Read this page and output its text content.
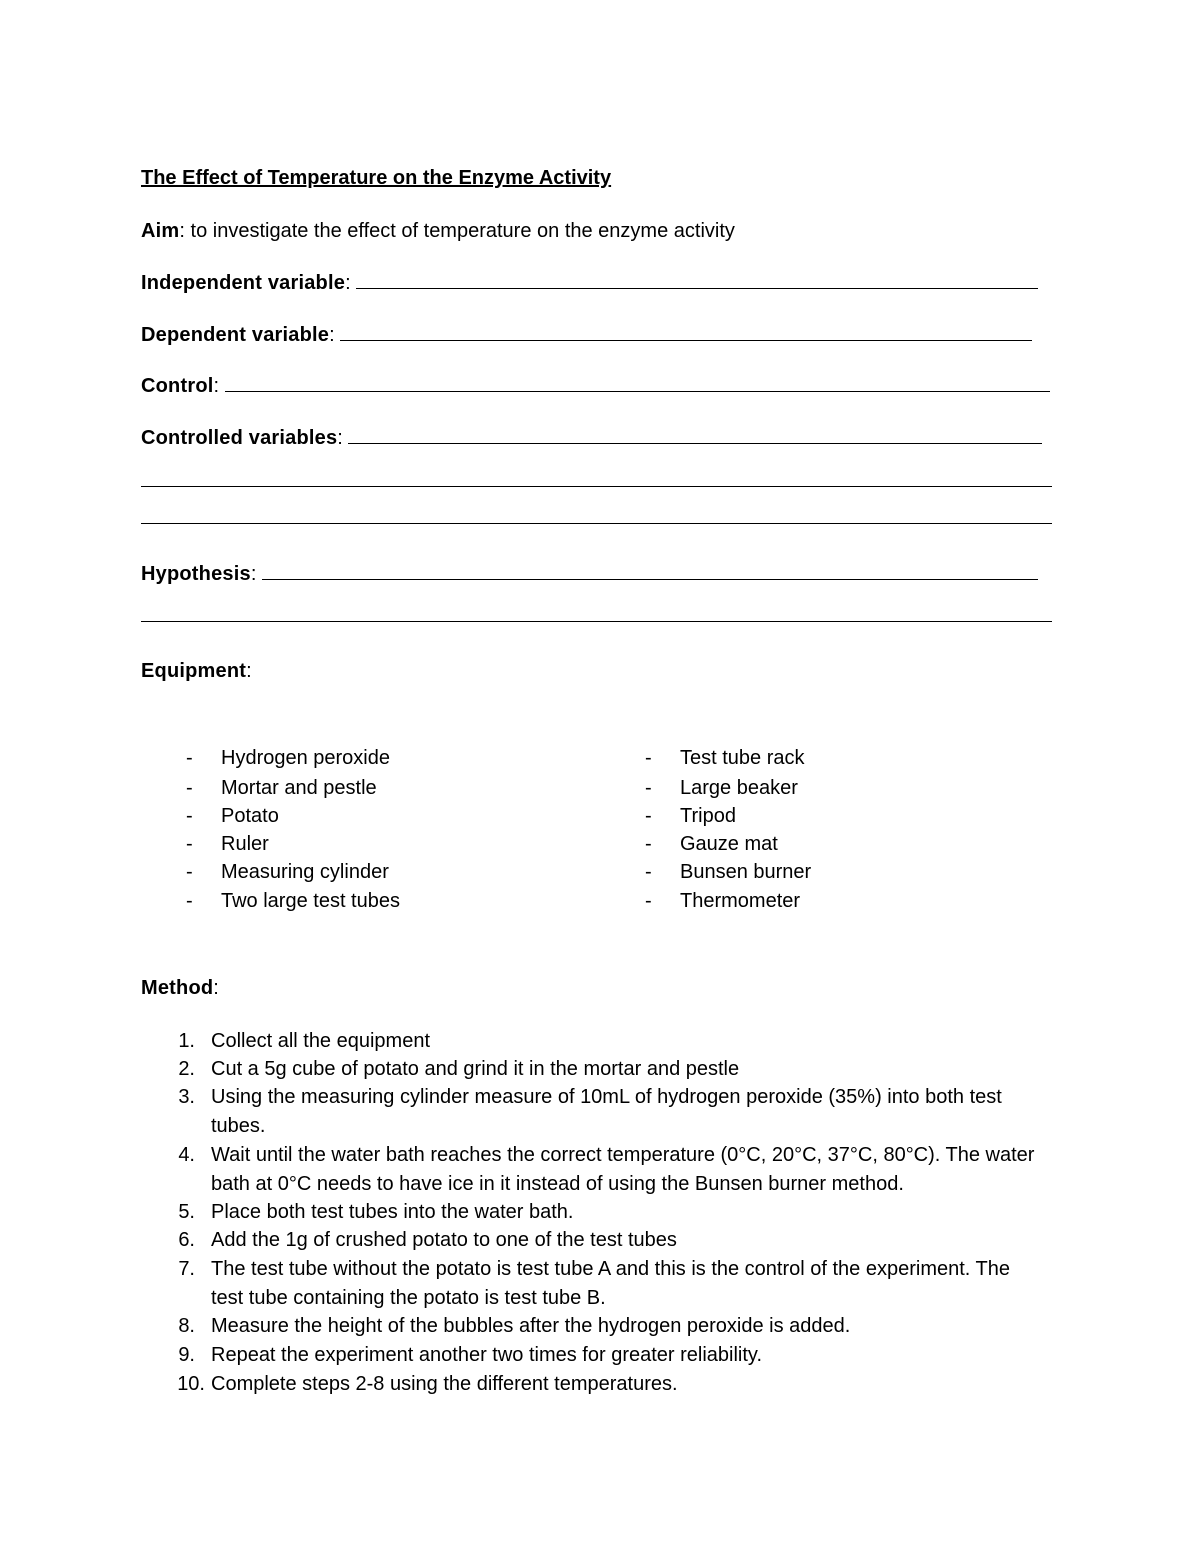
The Effect of Temperature on the Enzyme Activity
Aim: to investigate the effect of temperature on the enzyme activity
Independent variable:
Dependent variable:
Control:
Controlled variables:
Hypothesis:
Equipment:
- Hydrogen peroxide
- Mortar and pestle
- Potato
- Ruler
- Measuring cylinder
- Two large test tubes
- Test tube rack
- Large beaker
- Tripod
- Gauze mat
- Bunsen burner
- Thermometer
Method:
1. Collect all the equipment
2. Cut a 5g cube of potato and grind it in the mortar and pestle
3. Using the measuring cylinder measure of 10mL of hydrogen peroxide (35%) into both test tubes.
4. Wait until the water bath reaches the correct temperature (0°C, 20°C, 37°C, 80°C). The water bath at 0°C needs to have ice in it instead of using the Bunsen burner method.
5. Place both test tubes into the water bath.
6. Add the 1g of crushed potato to one of the test tubes
7. The test tube without the potato is test tube A and this is the control of the experiment. The test tube containing the potato is test tube B.
8. Measure the height of the bubbles after the hydrogen peroxide is added.
9. Repeat the experiment another two times for greater reliability.
10. Complete steps 2-8 using the different temperatures.
